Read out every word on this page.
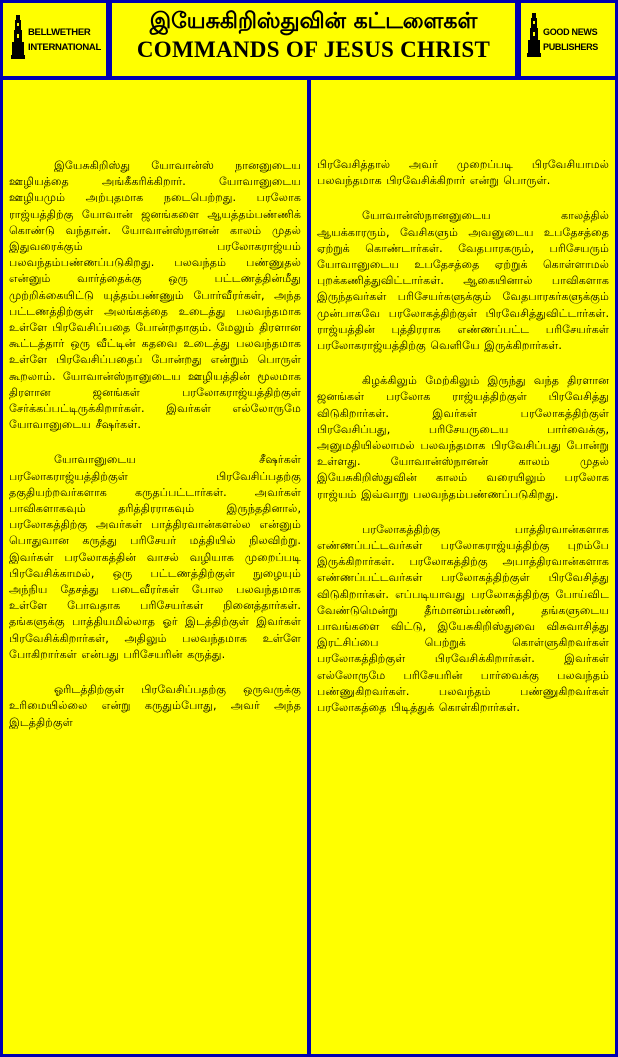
BELLWETHER
INTERNATIONAL
இயேசுகிறிஸ்துவின் கட்டளைகள்
COMMANDS OF JESUS CHRIST
GOOD NEWS
PUBLISHERS

இயேசுகிறிஸ்து யோவான்ஸ் நானனுடைய ஊழியத்தை அங்கீகரிக்கிறார். யோவானுடைய ஊழியமும் அற்புதமாக நடைபெற்றது. பரலோக ராஜ்யத்திற்கு யோவான் ஜனங்களை ஆயத்தம்பண்ணிக் கொண்டு வந்தான். யோவான்ஸ்நானன் காலம் முதல் இதுவரைக்கும் பரலோகராஜ்யம் பலவந்தம்பண்ணப்படுகிறது. பலவந்தம் பண்ணுதல் என்னும் வார்த்தைக்கு ஒரு பட்டணத்தின்மீது முற்றிக்கையிட்டு யுத்தம்பண்ணும் போர்வீரர்கள், அந்த பட்டணத்திற்குள் அலங்கத்தை உடைத்து பலவந்தமாக உள்ளே பிரவேசிப்பதை போன்றதாகும். மேலும் திரளான கூட்டத்தார் ஒரு வீட்டின் கதவை உடைத்து பலவந்தமாக உள்ளே பிரவேசிப்பதைப் போன்றது என்றும் பொருள் கூறலாம். யோவான்ஸ்நானுடைய ஊழியத்தின் மூலமாக திரளான ஜனங்கள் பரலோகராஜ்யத்திற்குள் சேர்க்கப்பட்டிருக்கிறார்கள். இவர்கள் எல்லோருமே யோவானுடைய சீஷர்கள்.

யோவானுடைய சீஷர்கள் பரலோகராஜ்யத்திற்குள் பிரவேசிப்பதற்கு தகுதியற்றவர்களாக கருதப்பட்டார்கள். அவர்கள் பாவிகளாகவும் தரித்திரராகவும் இருந்ததினால், பரலோகத்திற்கு அவர்கள் பாத்திரவான்களல்ல என்னும் பொதுவான கருத்து பரிசேயர் மத்தியில் நிலவிற்று. இவர்கள் பரலோகத்தின் வாசல் வழியாக முறைப்படி பிரவேசிக்காமல், ஒரு பட்டணத்திற்குள் நுழையும் அந்நிய தேசத்து படைவீரர்கள் போல பலவந்தமாக உள்ளே போவதாக பரிசேயர்கள் நினைத்தார்கள். தங்களுக்கு பாத்தியமில்லாத ஓர் இடத்திற்குள் இவர்கள் பிரவேசிக்கிறார்கள், அதிலும் பலவந்தமாக உள்ளே போகிறார்கள் என்பது பரிசேயரின் கருத்து.

ஓரிடத்திற்குள் பிரவேசிப்பதற்கு ஒருவருக்கு உரிமையில்லை என்று கருதும்போது, அவர் அந்த இடத்திற்குள்

பிரவேசித்தால் அவர் முறைப்படி பிரவேசியாமல் பலவந்தமாக பிரவேசிக்கிறார் என்று பொருள்.

யோவான்ஸ்நானனுடைய காலத்தில் ஆயக்காரரும், வேசிகளும் அவனுடைய உபதேசத்தை ஏற்றுக் கொண்டார்கள். வேதபாரகரும், பரிசேயரும் யோவானுடைய உபதேசத்தை ஏற்றுக் கொள்ளாமல் புறக்கணித்துவிட்டார்கள். ஆகையினால் பாவிகளாக இருந்தவர்கள் பரிசேயர்களுக்கும் வேதபாரகர்களுக்கும் முன்பாகவே பரலோகத்திற்குள் பிரவேசித்துவிட்டார்கள். ராஜ்யத்தின் புத்திரராக எண்ணப்பட்ட பரிசேயர்கள் பரலோகராஜ்யத்திற்கு வெளியே இருக்கிறார்கள்.

கிழக்கிலும் மேற்கிலும் இருந்து வந்த திரளான ஜனங்கள் பரலோக ராஜ்யத்திற்குள் பிரவேசித்து விடுகிறார்கள். இவர்கள் பரலோகத்திற்குள் பிரவேசிப்பது, பரிசேயருடைய பார்வைக்கு, அனுமதியில்லாமல் பலவந்தமாக பிரவேசிப்பது போன்று உள்ளது. யோவான்ஸ்நானன் காலம் முதல் இயேசுகிறிஸ்துவின் காலம் வரையிலும் பரலோக ராஜ்யம் இவ்வாறு பலவந்தம்பண்ணப்படுகிறது.

பரலோகத்திற்கு பாத்திரவான்களாக எண்ணப்பட்டவர்கள் பரலோகராஜ்யத்திற்கு புறம்பே இருக்கிறார்கள். பரலோகத்திற்கு அபாத்திரவான்களாக எண்ணப்பட்டவர்கள் பரலோகத்திற்குள் பிரவேசித்து விடுகிறார்கள். எப்படியாவது பரலோகத்திற்கு போய்விட வேண்டுமென்று தீர்மானம்பண்ணி, தங்களுடைய பாவங்களை விட்டு, இயேசுகிறிஸ்துவை விசுவாசித்து இரட்சிப்பை பெற்றுக் கொள்ளுகிறவர்கள் பரலோகத்திற்குள் பிரவேசிக்கிறார்கள். இவர்கள் எல்லோருமே பரிசேயரின் பார்வைக்கு பலவந்தம் பண்ணுகிறவர்கள். பலவந்தம் பண்ணுகிறவர்கள் பரலோகத்தை பிடித்துக் கொள்கிறார்கள்.
